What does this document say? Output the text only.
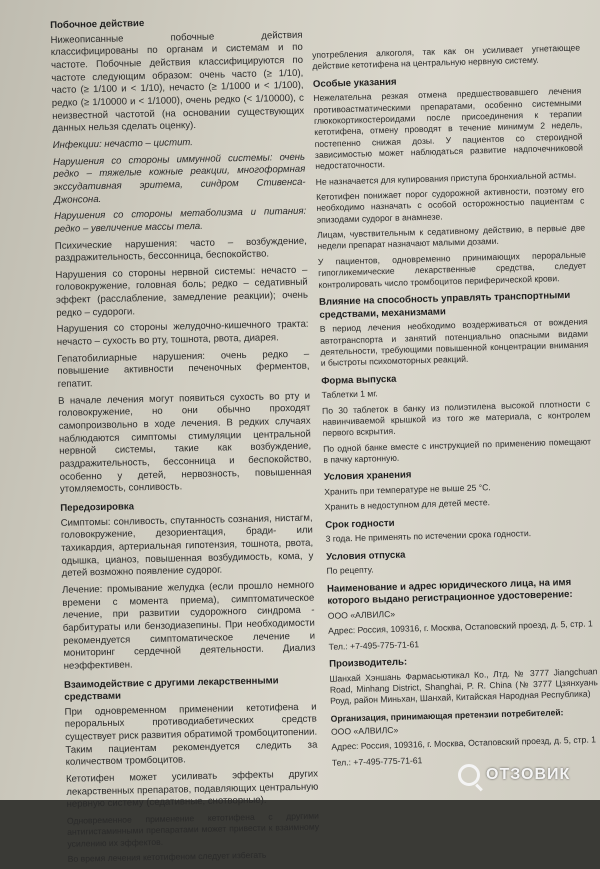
Побочное действие
Нижеописанные побочные действия классифицированы по органам и системам и по частоте. Побочные действия классифицируются по частоте следующим образом: очень часто (≥ 1/10), часто (≥ 1/100 и < 1/10), нечасто (≥ 1/1000 и < 1/100), редко (≥ 1/10000 и < 1/1000), очень редко (< 1/10000), с неизвестной частотой (на основании существующих данных нельзя сделать оценку).
Инфекции: нечасто – цистит.
Нарушения со стороны иммунной системы: очень редко – тяжелые кожные реакции, многоформная экссудативная эритема, синдром Стивенса-Джонсона.
Нарушения со стороны метаболизма и питания: редко – увеличение массы тела.
Психические нарушения: часто – возбуждение, раздражительность, бессонница, беспокойство.
Нарушения со стороны нервной системы: нечасто – головокружение, головная боль; редко – седативный эффект (расслабление, замедление реакции); очень редко – судороги.
Нарушения со стороны желудочно-кишечного тракта: нечасто – сухость во рту, тошнота, рвота, диарея.
Гепатобилиарные нарушения: очень редко – повышение активности печеночных ферментов, гепатит.
В начале лечения могут появиться сухость во рту и головокружение, но они обычно проходят самопроизвольно в ходе лечения. В редких случаях наблюдаются симптомы стимуляции центральной нервной системы, такие как возбуждение, раздражительность, бессонница и беспокойство, особенно у детей, нервозность, повышенная утомляемость, сонливость.
Передозировка
Симптомы: сонливость, спутанность сознания, нистагм, головокружение, дезориентация, бради- или тахикардия, артериальная гипотензия, тошнота, рвота, одышка, цианоз, повышенная возбудимость, кома, у детей возможно появление судорог.
Лечение: промывание желудка (если прошло немного времени с момента приема), симптоматическое лечение, при развитии судорожного синдрома - барбитураты или бензодиазепины. При необходимости рекомендуется симптоматическое лечение и мониторинг сердечной деятельности. Диализ неэффективен.
Взаимодействие с другими лекарственными средствами
При одновременном применении кетотифена и пероральных противодиабетических средств существует риск развития обратимой тромбоцитопении. Таким пациентам рекомендуется следить за количеством тромбоцитов.
Кетотифен может усиливать эффекты других лекарственных препаратов, подавляющих центральную нервную систему (седативные, снотворные).
Одновременное применение кетотифена с другими антигистаминными препаратами может привести к взаимному усилению их эффектов.
Во время лечения кетотифеном следует избегать
употребления алкоголя, так как он усиливает угнетающее действие кетотифена на центральную нервную систему.
Особые указания
Нежелательна резкая отмена предшествовавшего лечения противоастматическими препаратами, особенно системными глюкокортикостероидами после присоединения к терапии кетотифена, отмену проводят в течение минимум 2 недель, постепенно снижая дозы. У пациентов со стероидной зависимостью может наблюдаться развитие надпочечниковой недостаточности.
Не назначается для купирования приступа бронхиальной астмы.
Кетотифен понижает порог судорожной активности, поэтому его необходимо назначать с особой осторожностью пациентам с эпизодами судорог в анамнезе.
Лицам, чувствительным к седативному действию, в первые две недели препарат назначают малыми дозами.
У пациентов, одновременно принимающих пероральные гипогликемические лекарственные средства, следует контролировать число тромбоцитов периферической крови.
Влияние на способность управлять транспортными средствами, механизмами
В период лечения необходимо воздерживаться от вождения автотранспорта и занятий потенциально опасными видами деятельности, требующими повышенной концентрации внимания и быстроты психомоторных реакций.
Форма выпуска
Таблетки 1 мг.
По 30 таблеток в банку из полиэтилена высокой плотности с навинчиваемой крышкой из того же материала, с контролем первого вскрытия.
По одной банке вместе с инструкцией по применению помещают в пачку картонную.
Условия хранения
Хранить при температуре не выше 25 °C.
Хранить в недоступном для детей месте.
Срок годности
3 года. Не применять по истечении срока годности.
Условия отпуска
По рецепту.
Наименование и адрес юридического лица, на имя которого выдано регистрационное удостоверение:
ООО «АЛВИЛС»
Адрес: Россия, 109316, г. Москва, Остаповский проезд, д. 5, стр. 1
Тел.: +7-495-775-71-61
Производитель:
Шанхай Хэншань Фармасьютикал Ко., Лтд. № 3777 Jiangchuan Road, Minhang District, Shanghai, P. R. China (№ 3777 Цзянхуань Роуд, район Миньхан, Шанхай, Китайская Народная Республика)
Организация, принимающая претензии потребителей:
ООО «АЛВИЛС»
Адрес: Россия, 109316, г. Москва, Остаповский проезд, д. 5, стр. 1
Тел.: +7-495-775-71-61
ОТЗОВИК
